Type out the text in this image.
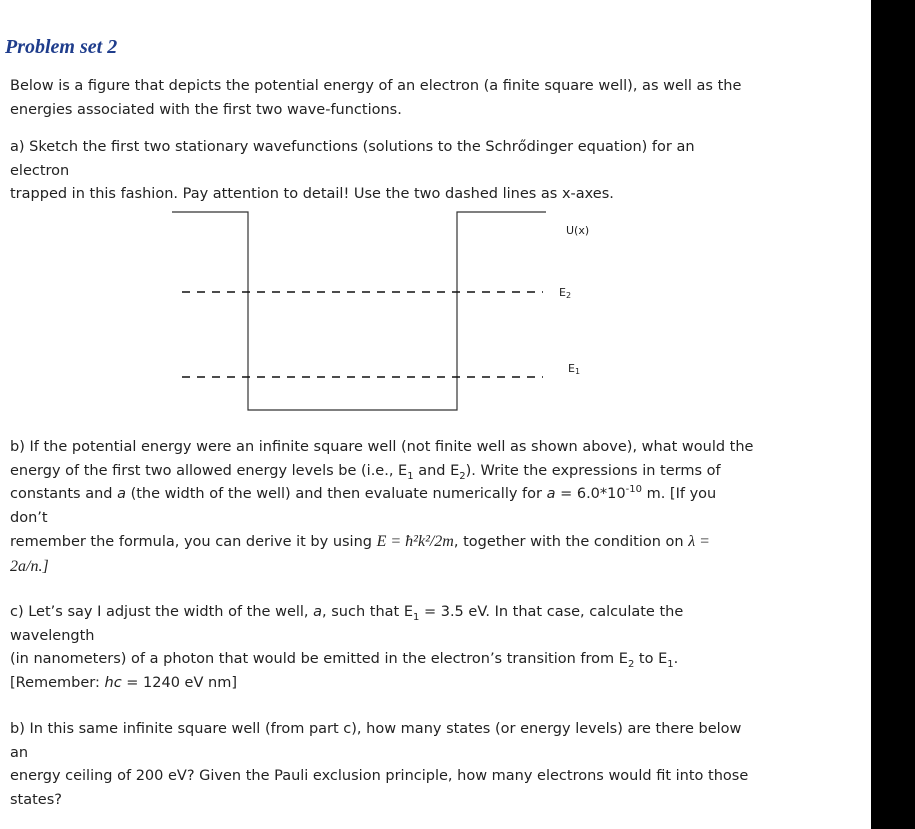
Problem set 2

Below is a figure that depicts the potential energy of an electron (a finite square well), as well as the
energies associated with the first two wave-functions.

a) Sketch the first two stationary wavefunctions (solutions to the Schrődinger equation) for an electron
trapped in this fashion. Pay attention to detail! Use the two dashed lines as x-axes.

U(x)
E2
E1

b) If the potential energy were an infinite square well (not finite well as shown above), what would the
energy of the first two allowed energy levels be (i.e., $E_1$ and $E_2$). Write the expressions in terms of
constants and a (the width of the well) and then evaluate numerically for $a = 6.0*10^{-10}$ m. [If you don’t
remember the formula, you can derive it by using E = ħ²k²/2m, together with the condition on λ =
2a/n.]

c) Let’s say I adjust the width of the well, a, such that $E_1 = 3.5$ eV. In that case, calculate the wavelength
(in nanometers) of a photon that would be emitted in the electron’s transition from $E_2$ to $E_1$.
[Remember: hc = 1240 eV nm]

b) In this same infinite square well (from part c), how many states (or energy levels) are there below an
energy ceiling of 200 eV? Given the Pauli exclusion principle, how many electrons would fit into those
states?
